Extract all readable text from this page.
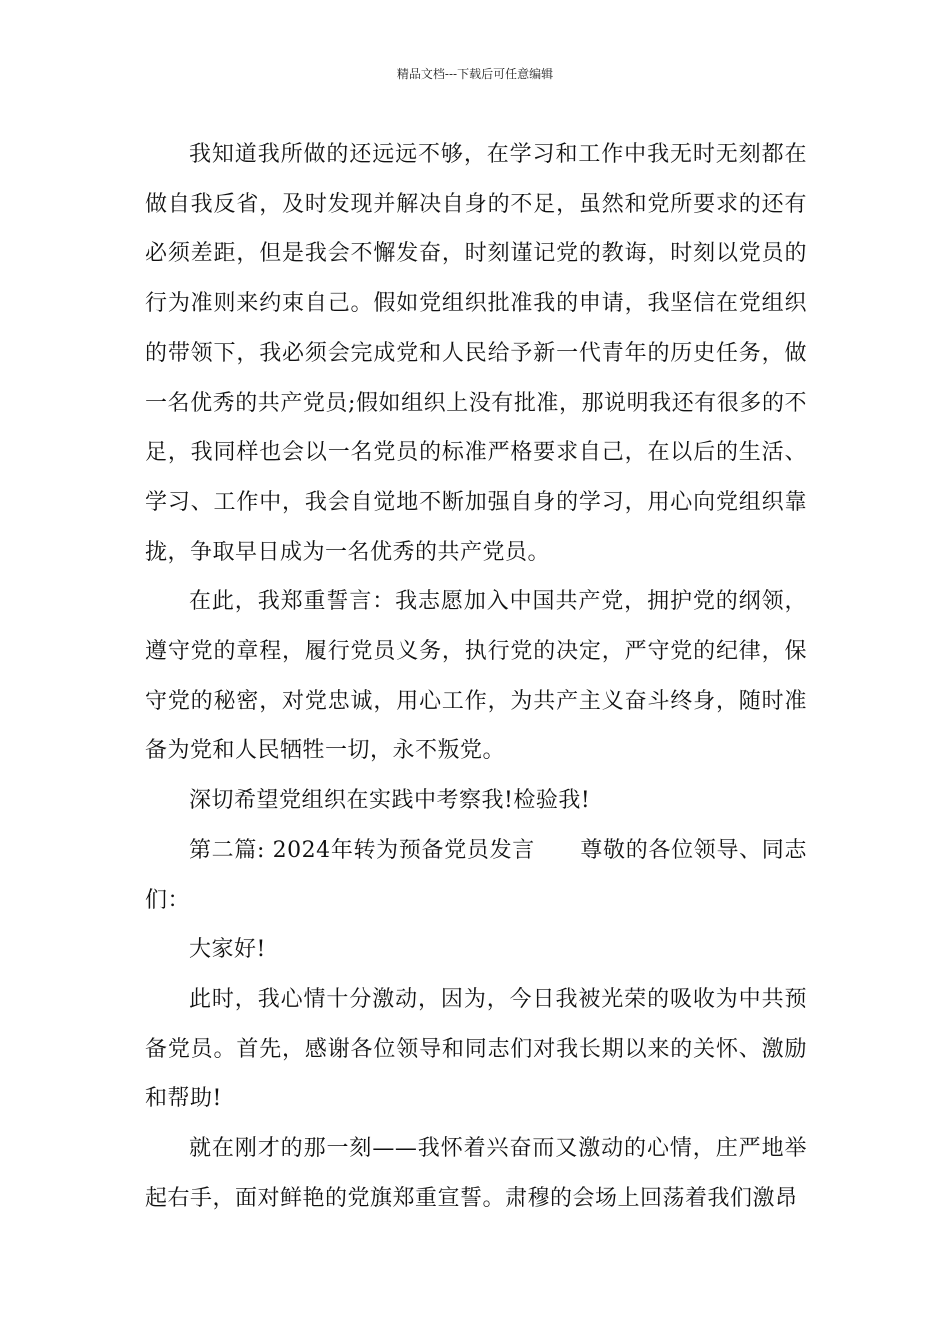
精品文档---下载后可任意编辑

我知道我所做的还远远不够，在学习和工作中我无时无刻都在做自我反省，及时发现并解决自身的不足，虽然和党所要求的还有必须差距，但是我会不懈发奋，时刻谨记党的教诲，时刻以党员的行为准则来约束自己。假如党组织批准我的申请，我坚信在党组织的带领下，我必须会完成党和人民给予新一代青年的历史任务，做一名优秀的共产党员;假如组织上没有批准，那说明我还有很多的不足，我同样也会以一名党员的标准严格要求自己，在以后的生活、学习、工作中，我会自觉地不断加强自身的学习，用心向党组织靠拢，争取早日成为一名优秀的共产党员。

在此，我郑重誓言：我志愿加入中国共产党，拥护党的纲领，遵守党的章程，履行党员义务，执行党的决定，严守党的纪律，保守党的秘密，对党忠诚，用心工作，为共产主义奋斗终身，随时准备为党和人民牺牲一切，永不叛党。

深切希望党组织在实践中考察我!检验我!

第二篇: 2024年转为预备党员发言　　尊敬的各位领导、同志们：

大家好!

此时，我心情十分激动，因为，今日我被光荣的吸收为中共预备党员。首先，感谢各位领导和同志们对我长期以来的关怀、激励和帮助!

就在刚才的那一刻——我怀着兴奋而又激动的心情，庄严地举起右手，面对鲜艳的党旗郑重宣誓。肃穆的会场上回荡着我们激昂
